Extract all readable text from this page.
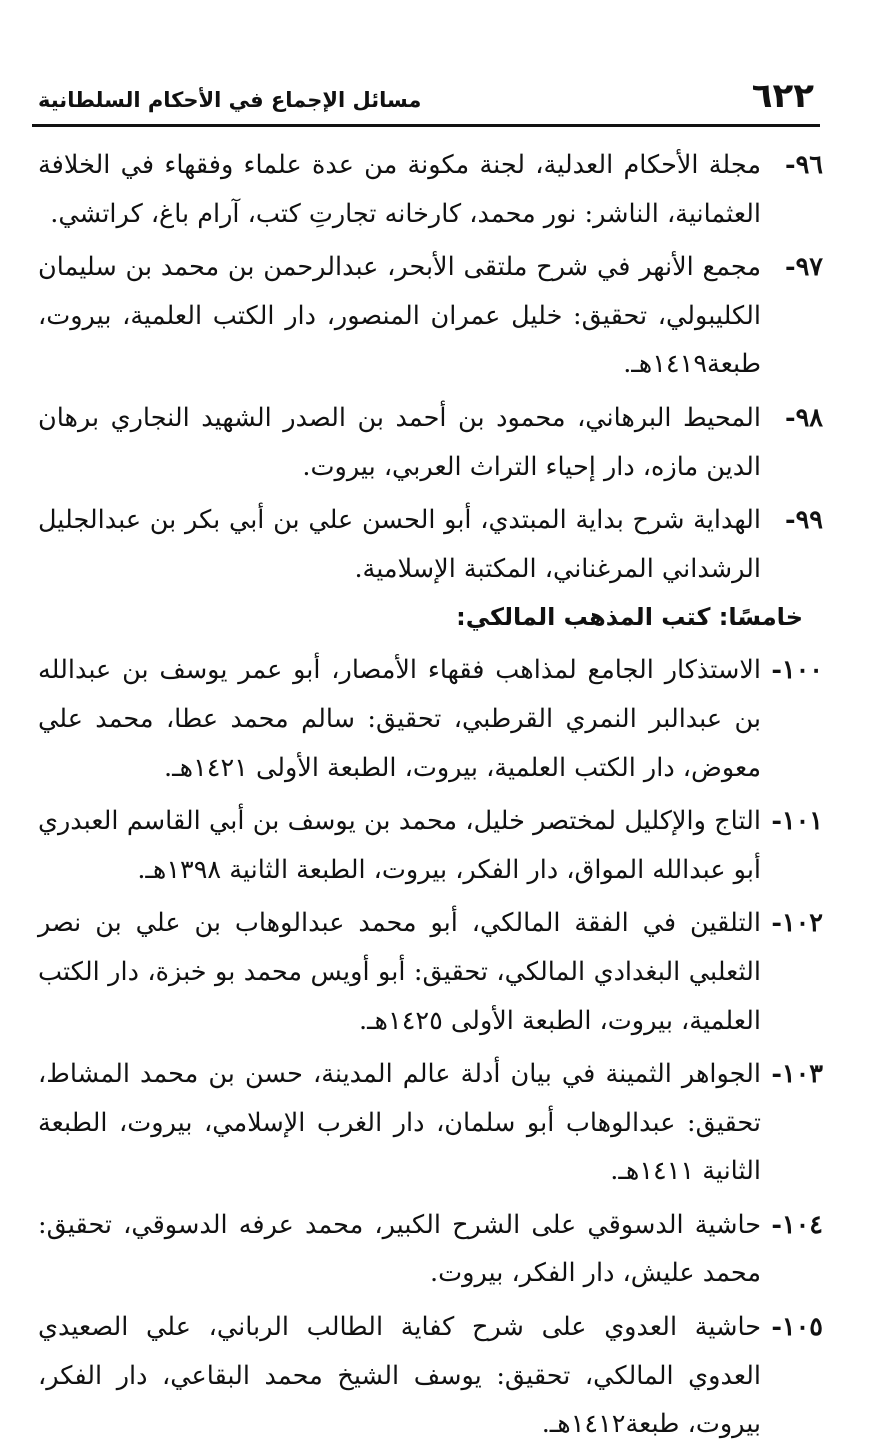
٦٢٢
مسائل الإجماع في الأحكام السلطانية
٩٦-
مجلة الأحكام العدلية، لجنة مكونة من عدة علماء وفقهاء في الخلافة العثمانية، الناشر: نور محمد، كارخانه تجارتِ كتب، آرام باغ، كراتشي.
٩٧-
مجمع الأنهر في شرح ملتقى الأبحر، عبدالرحمن بن محمد بن سليمان الكليبولي، تحقيق: خليل عمران المنصور، دار الكتب العلمية، بيروت، طبعة١٤١٩هـ.
٩٨-
المحيط البرهاني، محمود بن أحمد بن الصدر الشهيد النجاري برهان الدين مازه، دار إحياء التراث العربي، بيروت.
٩٩-
الهداية شرح بداية المبتدي، أبو الحسن علي بن أبي بكر بن عبدالجليل الرشداني المرغناني، المكتبة الإسلامية.
خامسًا: كتب المذهب المالكي:
١٠٠-
الاستذكار الجامع لمذاهب فقهاء الأمصار، أبو عمر يوسف بن عبدالله بن عبدالبر النمري القرطبي، تحقيق: سالم محمد عطا، محمد علي معوض، دار الكتب العلمية، بيروت، الطبعة الأولى ١٤٢١هـ.
١٠١-
التاج والإكليل لمختصر خليل، محمد بن يوسف بن أبي القاسم العبدري أبو عبدالله المواق، دار الفكر، بيروت، الطبعة الثانية ١٣٩٨هـ.
١٠٢-
التلقين في الفقة المالكي، أبو محمد عبدالوهاب بن علي بن نصر الثعلبي البغدادي المالكي، تحقيق: أبو أويس محمد بو خبزة، دار الكتب العلمية، بيروت، الطبعة الأولى ١٤٢٥هـ.
١٠٣-
الجواهر الثمينة في بيان أدلة عالم المدينة، حسن بن محمد المشاط، تحقيق: عبدالوهاب أبو سلمان، دار الغرب الإسلامي، بيروت، الطبعة الثانية ١٤١١هـ.
١٠٤-
حاشية الدسوقي على الشرح الكبير، محمد عرفه الدسوقي، تحقيق: محمد عليش، دار الفكر، بيروت.
١٠٥-
حاشية العدوي على شرح كفاية الطالب الرباني، علي الصعيدي العدوي المالكي، تحقيق: يوسف الشيخ محمد البقاعي، دار الفكر، بيروت، طبعة١٤١٢هـ.
